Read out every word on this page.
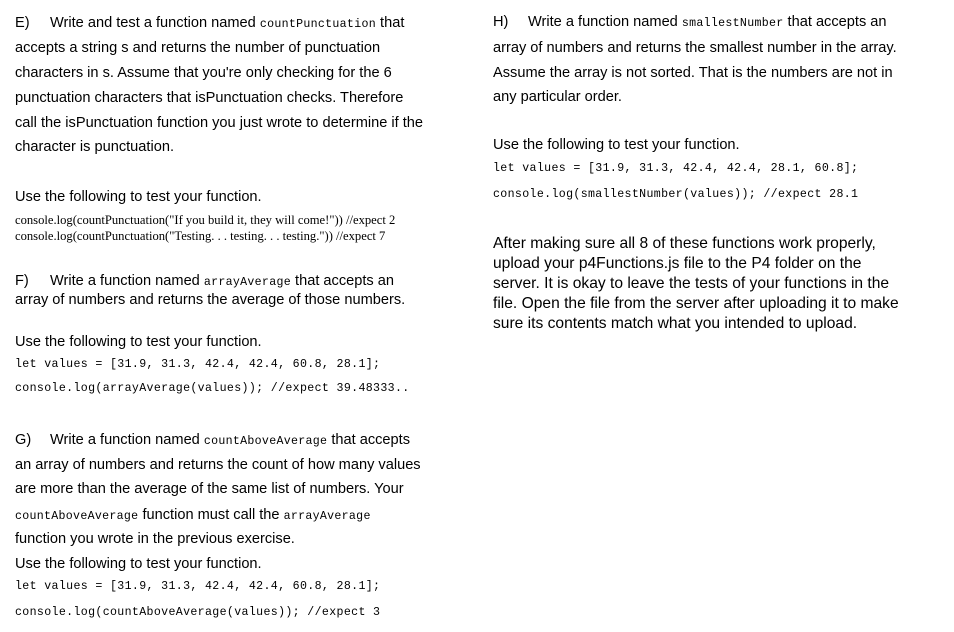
E) Write and test a function named countPunctuation that
accepts a string s and returns the number of punctuation
characters in s. Assume that you're only checking for the 6
punctuation characters that isPunctuation checks. Therefore
call the isPunctuation function you just wrote to determine if the
character is punctuation.
Use the following to test your function.
console.log(countPunctuation("If you build it, they will come!")) //expect 2
console.log(countPunctuation("Testing. . . testing. . . testing.")) //expect 7
F) Write a function named arrayAverage that accepts an
array of numbers and returns the average of those numbers.
Use the following to test your function.
let values = [31.9, 31.3, 42.4, 42.4, 60.8, 28.1];
console.log(arrayAverage(values)); //expect 39.48333..
G) Write a function named countAboveAverage that accepts
an array of numbers and returns the count of how many values
are more than the average of the same list of numbers. Your
countAboveAverage function must call the arrayAverage
function you wrote in the previous exercise.
Use the following to test your function.
let values = [31.9, 31.3, 42.4, 42.4, 60.8, 28.1];
console.log(countAboveAverage(values)); //expect 3
H) Write a function named smallestNumber that accepts an
array of numbers and returns the smallest number in the array.
Assume the array is not sorted. That is the numbers are not in
any particular order.
Use the following to test your function.
let values = [31.9, 31.3, 42.4, 42.4, 28.1, 60.8];
console.log(smallestNumber(values)); //expect 28.1
After making sure all 8 of these functions work properly,
upload your p4Functions.js file to the P4 folder on the
server. It is okay to leave the tests of your functions in the
file. Open the file from the server after uploading it to make
sure its contents match what you intended to upload.
